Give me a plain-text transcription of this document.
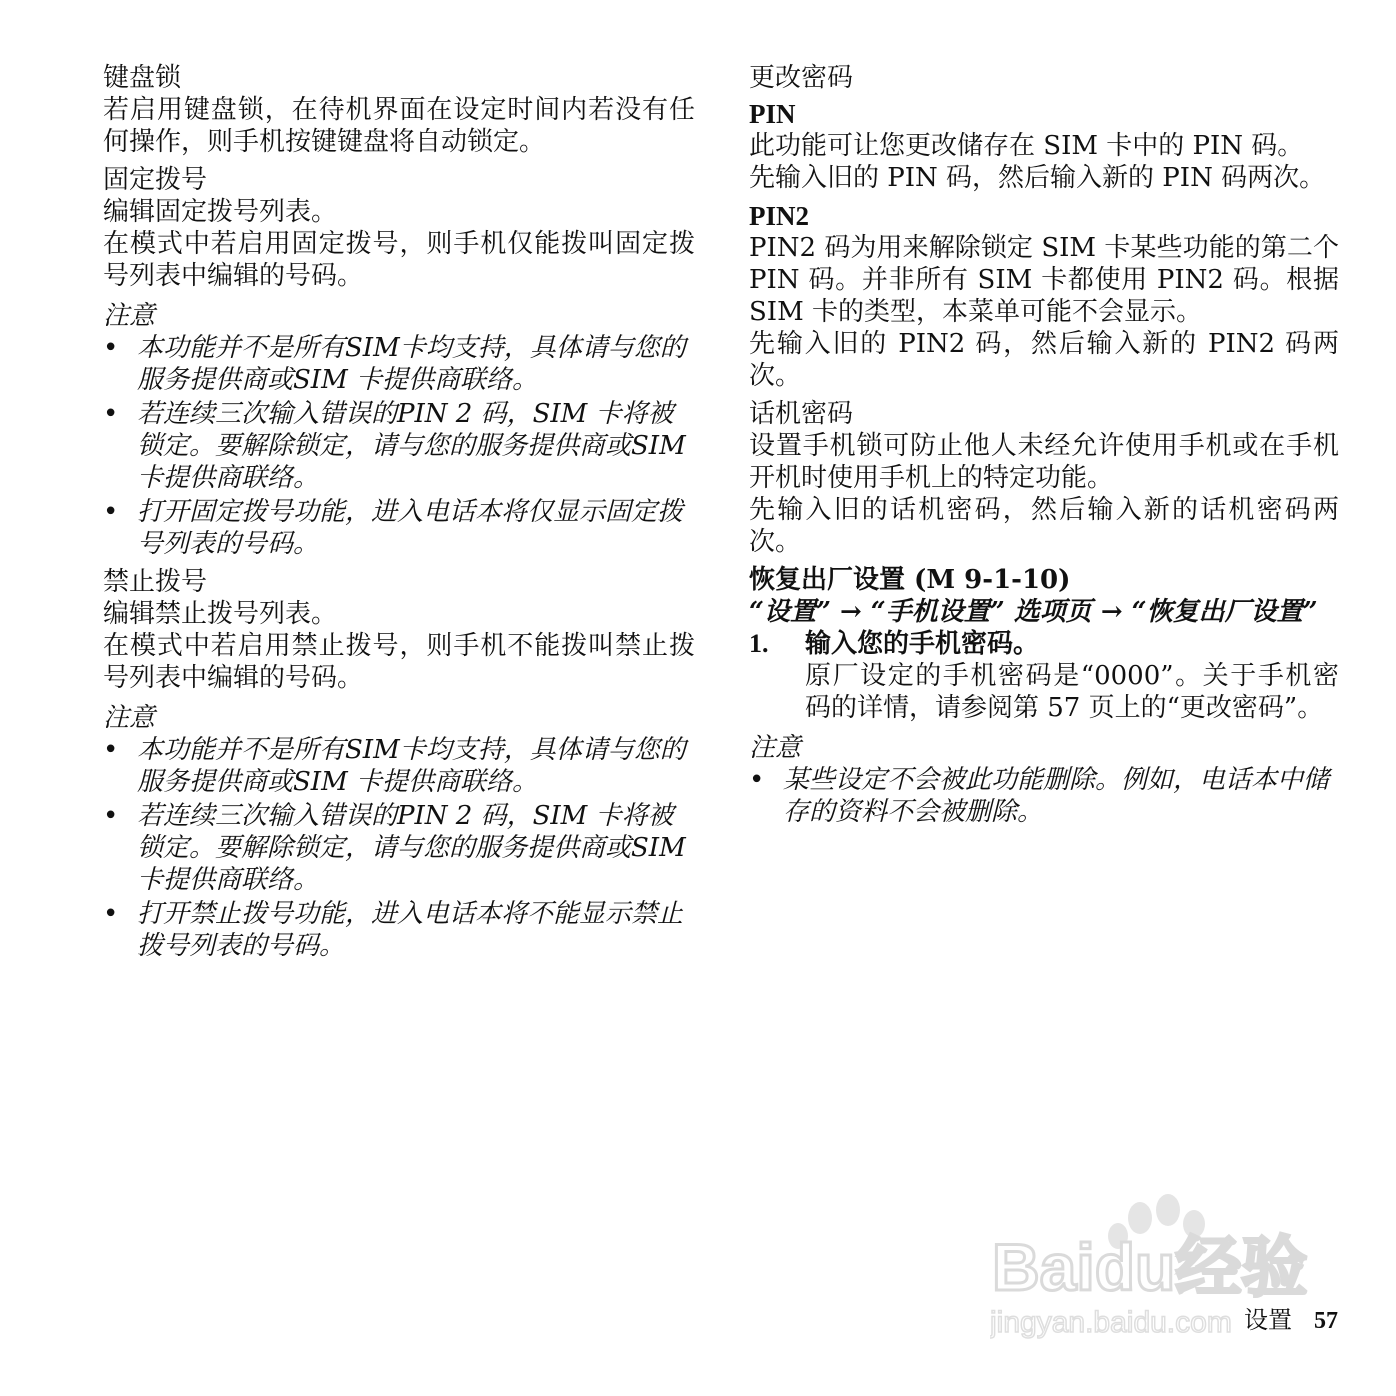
键盘锁

若启用键盘锁，在待机界面在设定时间内若没有任何操作，则手机按键键盘将自动锁定。

固定拨号

编辑固定拨号列表。

在模式中若启用固定拨号，则手机仅能拨叫固定拨号列表中编辑的号码。

注意

• 本功能并不是所有SIM卡均支持，具体请与您的服务提供商或SIM 卡提供商联络。
• 若连续三次输入错误的PIN 2 码，SIM 卡将被锁定。要解除锁定，请与您的服务提供商或SIM 卡提供商联络。
• 打开固定拨号功能，进入电话本将仅显示固定拨号列表的号码。

禁止拨号

编辑禁止拨号列表。

在模式中若启用禁止拨号，则手机不能拨叫禁止拨号列表中编辑的号码。

注意

• 本功能并不是所有SIM卡均支持，具体请与您的服务提供商或SIM 卡提供商联络。
• 若连续三次输入错误的PIN 2 码，SIM 卡将被锁定。要解除锁定，请与您的服务提供商或SIM 卡提供商联络。
• 打开禁止拨号功能，进入电话本将不能显示禁止拨号列表的号码。

更改密码

PIN

此功能可让您更改储存在 SIM 卡中的 PIN 码。

先输入旧的 PIN 码，然后输入新的 PIN 码两次。

PIN2

PIN2 码为用来解除锁定 SIM 卡某些功能的第二个 PIN 码。并非所有 SIM 卡都使用 PIN2 码。根据 SIM 卡的类型，本菜单可能不会显示。

先输入旧的 PIN2 码，然后输入新的 PIN2 码两次。

话机密码

设置手机锁可防止他人未经允许使用手机或在手机开机时使用手机上的特定功能。

先输入旧的话机密码，然后输入新的话机密码两次。

恢复出厂设置 (M 9-1-10)

“设置” → “手机设置” 选项页 → “恢复出厂设置”

1. 输入您的手机密码。
原厂设定的手机密码是“0000”。关于手机密码的详情，请参阅第 57 页上的“更改密码”。

注意

• 某些设定不会被此功能删除。例如，电话本中储存的资料不会被删除。
Baidu经验
jingyan.baidu.com 设置 57
